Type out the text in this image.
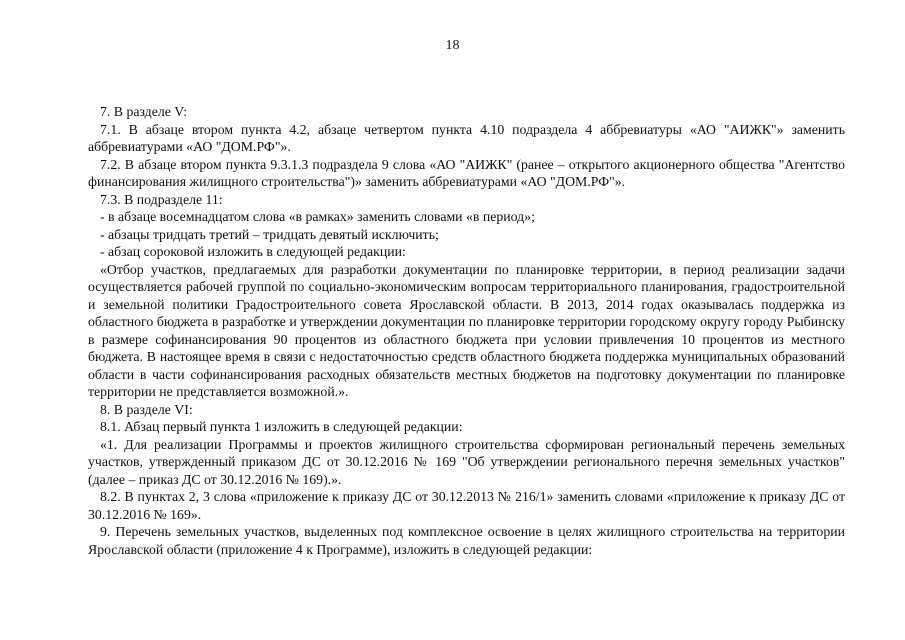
18

7. В разделе V:

7.1. В абзаце втором пункта 4.2, абзаце четвертом пункта 4.10 подраздела 4 аббревиатуры «АО "АИЖК"» заменить аббревиатурами «АО "ДОМ.РФ"».

7.2. В абзаце втором пункта 9.3.1.3 подраздела 9 слова «АО "АИЖК" (ранее – открытого акционерного общества "Агентство финансирования жилищного строительства")» заменить аббревиатурами «АО "ДОМ.РФ"».

7.3. В подразделе 11:

- в абзаце восемнадцатом слова «в рамках» заменить словами «в период»;

- абзацы тридцать третий – тридцать девятый исключить;

- абзац сороковой изложить в следующей редакции:

«Отбор участков, предлагаемых для разработки документации по планировке территории, в период реализации задачи осуществляется рабочей группой по социально-экономическим вопросам территориального планирования, градостроительной и земельной политики Градостроительного совета Ярославской области. В 2013, 2014 годах оказывалась поддержка из областного бюджета в разработке и утверждении документации по планировке территории городскому округу городу Рыбинску в размере софинансирования 90 процентов из областного бюджета при условии привлечения 10 процентов из местного бюджета. В настоящее время в связи с недостаточностью средств областного бюджета поддержка муниципальных образований области в части софинансирования расходных обязательств местных бюджетов на подготовку документации по планировке территории не представляется возможной.».

8. В разделе VI:

8.1. Абзац первый пункта 1 изложить в следующей редакции:

«1. Для реализации Программы и проектов жилищного строительства сформирован региональный перечень земельных участков, утвержденный приказом ДС от 30.12.2016 № 169 "Об утверждении регионального перечня земельных участков" (далее – приказ ДС от 30.12.2016 № 169).».

8.2. В пунктах 2, 3 слова «приложение к приказу ДС от 30.12.2013 № 216/1» заменить словами «приложение к приказу ДС от 30.12.2016 № 169».

9. Перечень земельных участков, выделенных под комплексное освоение в целях жилищного строительства на территории Ярославской области (приложение 4 к Программе), изложить в следующей редакции:
